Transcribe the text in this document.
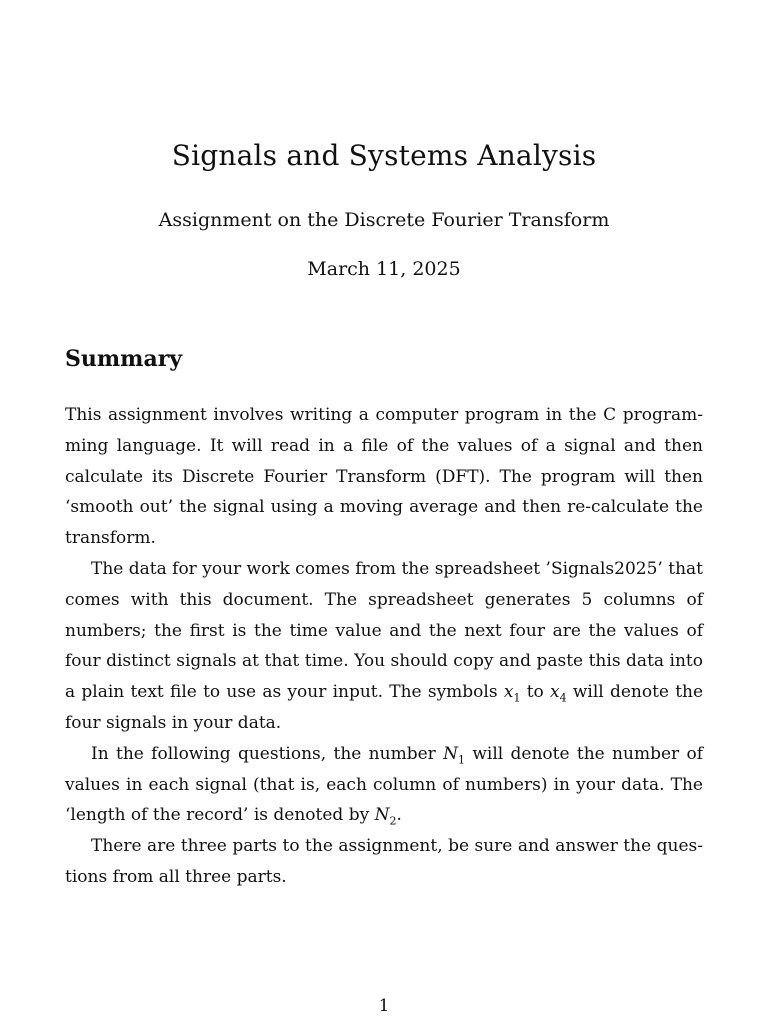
Signals and Systems Analysis
Assignment on the Discrete Fourier Transform
March 11, 2025
Summary

This assignment involves writing a computer program in the C program-ming language. It will read in a file of the values of a signal and then calculate its Discrete Fourier Transform (DFT). The program will then ‘smooth out’ the signal using a moving average and then re-calculate the transform.

The data for your work comes from the spreadsheet ’Signals2025’ that comes with this document. The spreadsheet generates 5 columns of numbers; the first is the time value and the next four are the values of four distinct signals at that time. You should copy and paste this data into a plain text file to use as your input. The symbols $x_1$ to $x_4$ will denote the four signals in your data.

In the following questions, the number $N_1$ will denote the number of values in each signal (that is, each column of numbers) in your data. The ‘length of the record’ is denoted by $N_2$.

There are three parts to the assignment, be sure and answer the ques-tions from all three parts.

1
